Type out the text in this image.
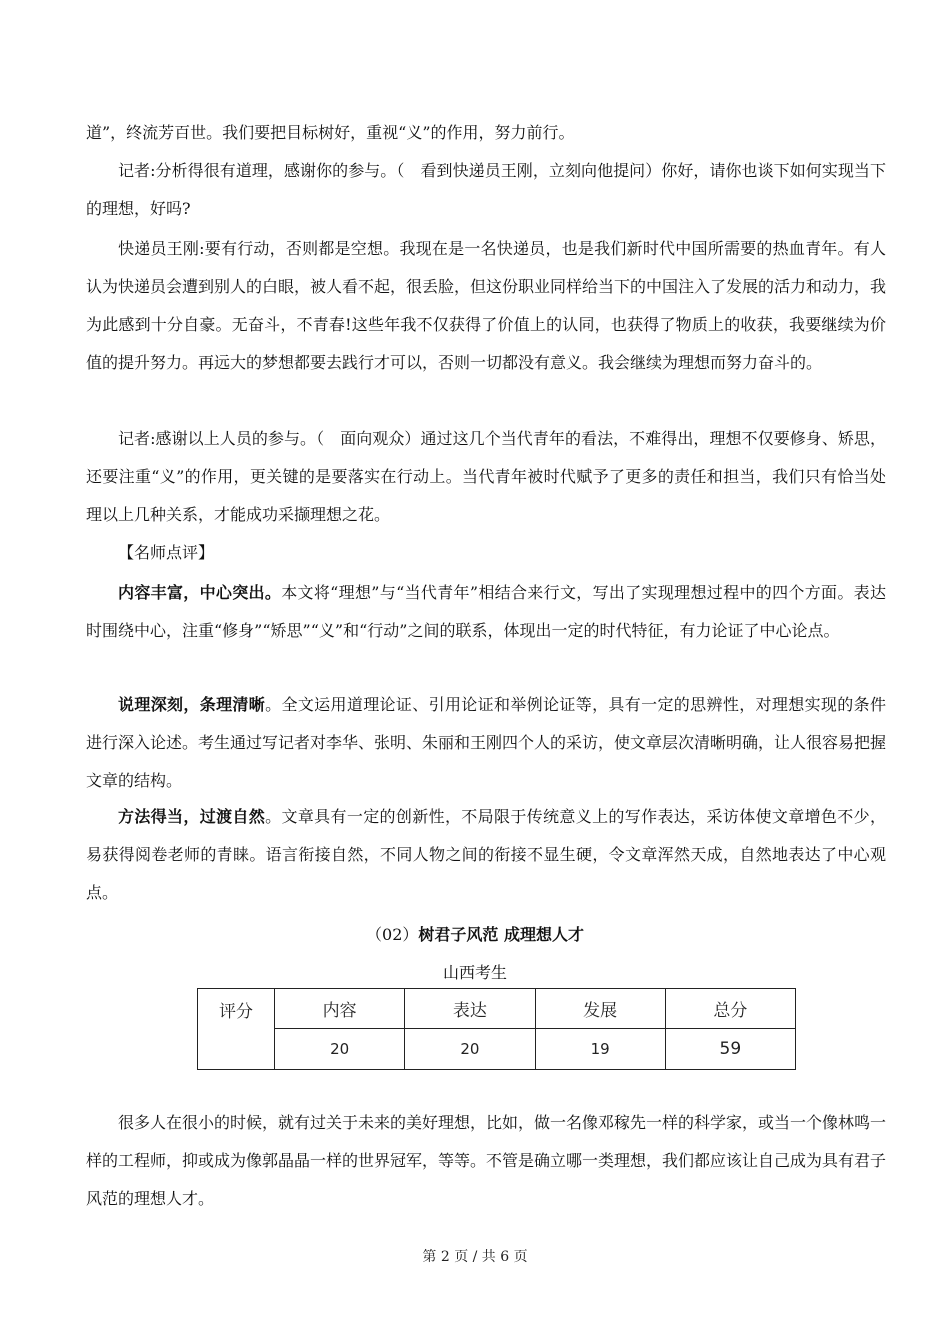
道”，终流芳百世。我们要把目标树好，重视“义”的作用，努力前行。

记者:分析得很有道理，感谢你的参与。（　看到快递员王刚，立刻向他提问）你好，请你也谈下如何实现当下的理想，好吗?

快递员王刚:要有行动，否则都是空想。我现在是一名快递员，也是我们新时代中国所需要的热血青年。有人认为快递员会遭到别人的白眼，被人看不起，很丢脸，但这份职业同样给当下的中国注入了发展的活力和动力，我为此感到十分自豪。无奋斗，不青春!这些年我不仅获得了价值上的认同，也获得了物质上的收获，我要继续为价值的提升努力。再远大的梦想都要去践行才可以，否则一切都没有意义。我会继续为理想而努力奋斗的。

记者:感谢以上人员的参与。（　面向观众）通过这几个当代青年的看法，不难得出，理想不仅要修身、矫思，还要注重“义”的作用，更关键的是要落实在行动上。当代青年被时代赋予了更多的责任和担当，我们只有恰当处理以上几种关系，才能成功采撷理想之花。

【名师点评】

内容丰富，中心突出。本文将“理想”与“当代青年”相结合来行文，写出了实现理想过程中的四个方面。表达时围绕中心，注重“修身”“矫思”“义”和“行动”之间的联系，体现出一定的时代特征，有力论证了中心论点。

说理深刻，条理清晰。全文运用道理论证、引用论证和举例论证等，具有一定的思辨性，对理想实现的条件进行深入论述。考生通过写记者对李华、张明、朱丽和王刚四个人的采访，使文章层次清晰明确，让人很容易把握文章的结构。

方法得当，过渡自然。文章具有一定的创新性，不局限于传统意义上的写作表达，采访体使文章增色不少，易获得阅卷老师的青睐。语言衔接自然，不同人物之间的衔接不显生硬，令文章浑然天成，自然地表达了中心观点。

（02）树君子风范 成理想人才
山西考生
评分	内容	表达	发展	总分
	20	20	19	59

很多人在很小的时候，就有过关于未来的美好理想，比如，做一名像邓稼先一样的科学家，或当一个像林鸣一样的工程师，抑或成为像郭晶晶一样的世界冠军，等等。不管是确立哪一类理想，我们都应该让自己成为具有君子风范的理想人才。

第 2 页 / 共 6 页
